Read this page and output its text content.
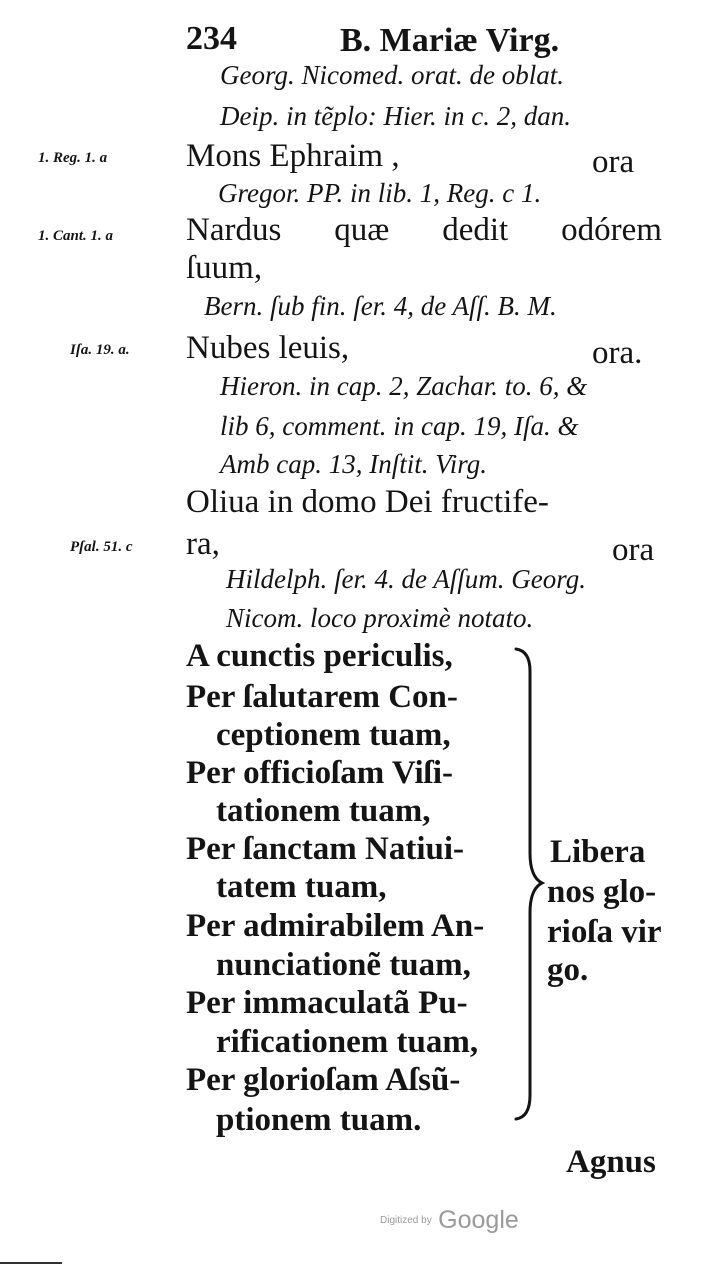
234	B. Mariæ Virg.
Georg. Nicomed. orat. de oblat.
Deip. in tẽplo: Hier. in c. 2, dan.
1. Reg. 1. a Mons Ephraim ,	ora
Gregor. PP. in lib. 1, Reg. c 1.
1. Cant. 1. a Nardus quæ dedit odórem
ſuum,
Bern. ſub fin. ſer. 4, de Aſſ. B. M.
Iſa. 19. a. Nubes leuis,	ora.
Hieron. in cap. 2, Zachar. to. 6, &
lib 6, comment. in cap. 19, Iſa. &
Amb cap. 13, Inſtit. Virg.
Oliua in domo Dei fructife-
Pſal. 51. c ra,	ora
Hildelph. ſer. 4. de Aſſum. Georg.
Nicom. loco proximè notato.
A cunctis periculis,
Per ſalutarem Con-
ceptionem tuam,
Per officioſam Viſi-
tationem tuam,
Per ſanctam Natiui-
tatem tuam,
Per admirabilem An-
nunciationẽ tuam,
Per immaculatã Pu-
rificationem tuam,
Per glorioſam Aſsũ-
ptionem tuam.
Libera
nos glo-
rioſa vir
go.
Agnus
Digitized by Google
